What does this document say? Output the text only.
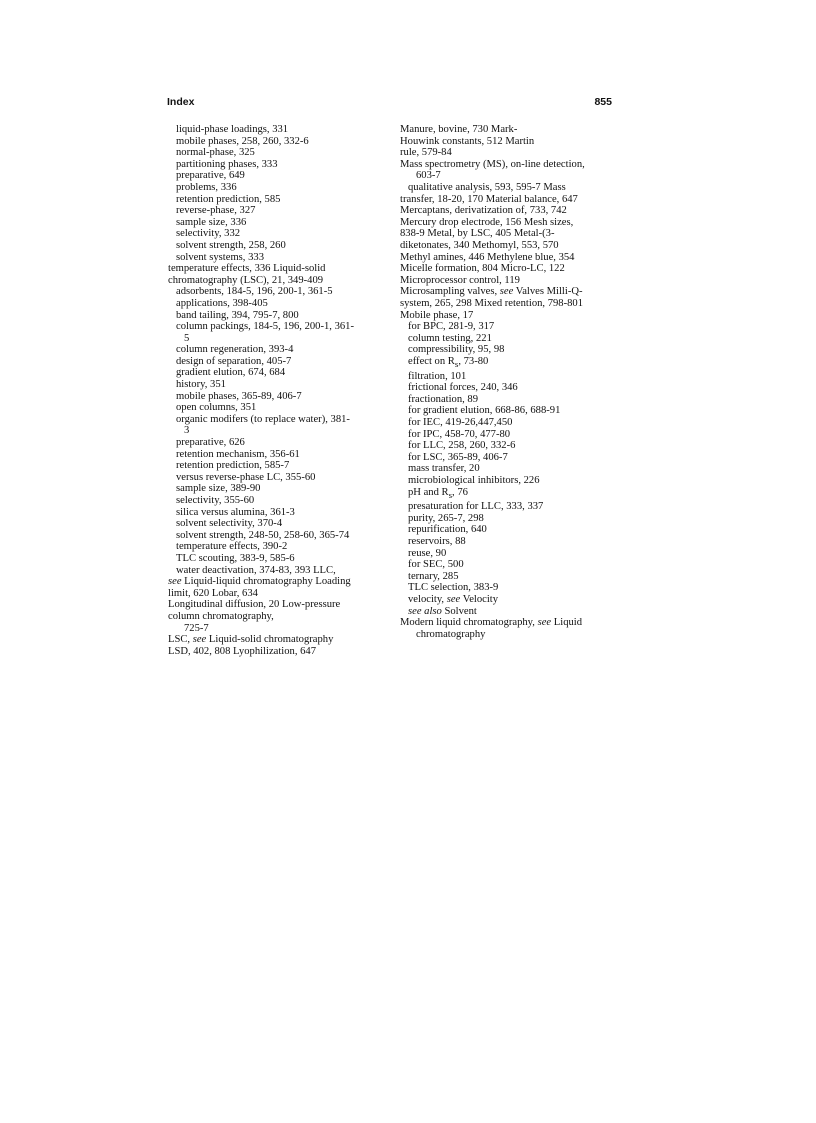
Index	855
liquid-phase loadings, 331
mobile phases, 258, 260, 332-6
normal-phase, 325
partitioning phases, 333
preparative, 649
problems, 336
retention prediction, 585
reverse-phase, 327
sample size, 336
selectivity, 332
solvent strength, 258, 260
solvent systems, 333
temperature effects, 336 Liquid-solid
chromatography (LSC), 21, 349-409
adsorbents, 184-5, 196, 200-1, 361-5
applications, 398-405
band tailing, 394, 795-7, 800
column packings, 184-5, 196, 200-1, 361-
5
column regeneration, 393-4
design of separation, 405-7
gradient elution, 674, 684
history, 351
mobile phases, 365-89, 406-7
open columns, 351
organic modifers (to replace water), 381-
3
preparative, 626
retention mechanism, 356-61
retention prediction, 585-7
versus reverse-phase LC, 355-60
sample size, 389-90
selectivity, 355-60
silica versus alumina, 361-3
solvent selectivity, 370-4
solvent strength, 248-50, 258-60, 365-74
temperature effects, 390-2
TLC scouting, 383-9, 585-6
water deactivation, 374-83, 393 LLC,
see Liquid-liquid chromatography Loading
limit, 620 Lobar, 634
Longitudinal diffusion, 20 Low-pressure
column chromatography,
725-7
LSC, see Liquid-solid chromatography
LSD, 402, 808 Lyophilization, 647
Manure, bovine, 730 Mark-
Houwink constants, 512 Martin
rule, 579-84
Mass spectrometry (MS), on-line detection,
603-7
qualitative analysis, 593, 595-7 Mass
transfer, 18-20, 170 Material balance, 647
Mercaptans, derivatization of, 733, 742
Mercury drop electrode, 156 Mesh sizes,
838-9 Metal, by LSC, 405 Metal-(3-
diketonates, 340 Methomyl, 553, 570
Methyl amines, 446 Methylene blue, 354
Micelle formation, 804 Micro-LC, 122
Microprocessor control, 119
Microsampling valves, see Valves Milli-Q-
system, 265, 298 Mixed retention, 798-801
Mobile phase, 17
for BPC, 281-9, 317
column testing, 221
compressibility, 95, 98
effect on $R_s$, 73-80
filtration, 101
frictional forces, 240, 346
fractionation, 89
for gradient elution, 668-86, 688-91
for IEC, 419-26,447,450
for IPC, 458-70, 477-80
for LLC, 258, 260, 332-6
for LSC, 365-89, 406-7
mass transfer, 20
microbiological inhibitors, 226
pH and $R_s$, 76
presaturation for LLC, 333, 337
purity, 265-7, 298
repurification, 640
reservoirs, 88
reuse, 90
for SEC, 500
ternary, 285
TLC selection, 383-9
velocity, see Velocity
see also Solvent
Modern liquid chromatography, see Liquid
chromatography
